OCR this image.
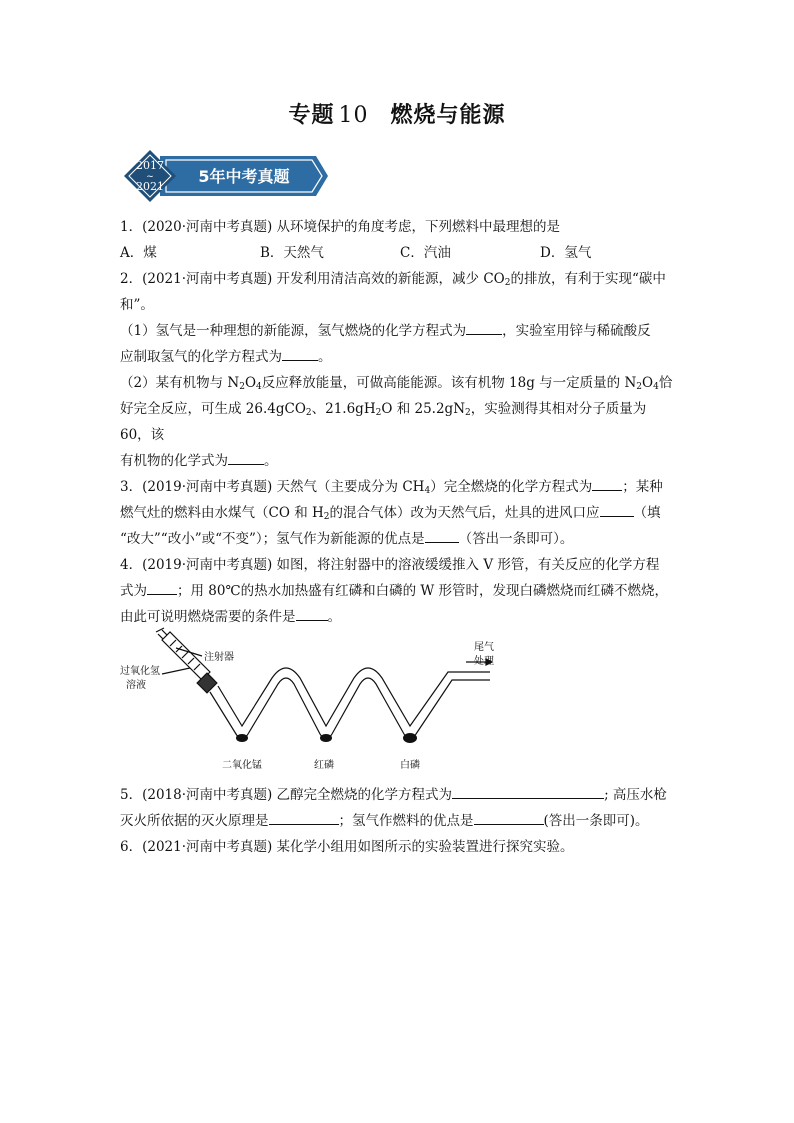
专题 10 燃烧与能源
2017
~
2021
5年中考真题

1．(2020·河南中考真题) 从环境保护的角度考虑，下列燃料中最理想的是

A．煤	B．天然气	C．汽油	D．氢气

2．(2021·河南中考真题) 开发利用清洁高效的新能源，减少 $CO_2$的排放，有利于实现“碳中

和”。

（1）氢气是一种理想的新能源，氢气燃烧的化学方程式为	，实验室用锌与稀硫酸反

应制取氢气的化学方程式为	。

（2）某有机物与 $N_2O_4$反应释放能量，可做高能能源。该有机物 18g 与一定质量的 $N_2O_4$恰

好完全反应，可生成 26.4gCO$_2$、$21.6gH_2O$ 和 $25.2gN_2$，实验测得其相对分子质量为 60，该

有机物的化学式为	。

3．(2019·河南中考真题) 天然气（主要成分为 $CH_4$）完全燃烧的化学方程式为 ；某种

燃气灶的燃料由水煤气（CO 和 $H_2$的混合气体）改为天然气后，灶具的进风口应	（填

“改大”“改小”或“不变”）；氢气作为新能源的优点是	（答出一条即可）。

4．(2019·河南中考真题) 如图，将注射器中的溶液缓缓推入 V 形管，有关反应的化学方程

式为 ；用 80℃的热水加热盛有红磷和白磷的 W 形管时，发现白磷燃烧而红磷不燃烧，

由此可说明燃烧需要的条件是 。

注射器
过氧化氢
溶液
尾气
处理
二氧化锰	红磷	白磷

5．(2018·河南中考真题) 乙醇完全燃烧的化学方程式为	; 高压水枪

灭火所依据的灭火原理是	；氢气作燃料的优点是	(答出一条即可)。

6．(2021·河南中考真题) 某化学小组用如图所示的实验装置进行探究实验。
